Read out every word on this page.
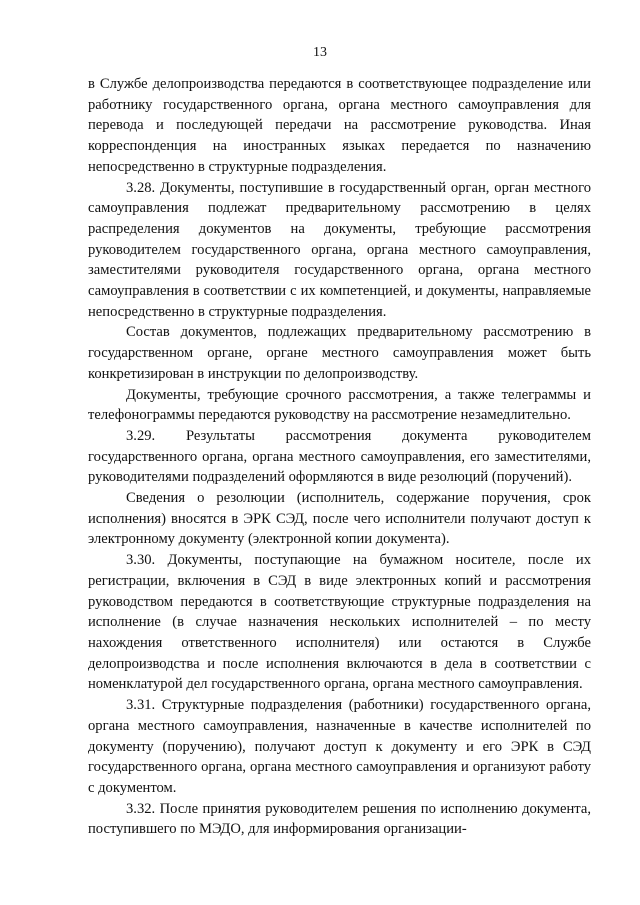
13

в Службе делопроизводства передаются в соответствующее подразделение или работнику государственного органа, органа местного самоуправления для перевода и последующей передачи на рассмотрение руководства. Иная корреспонденция на иностранных языках передается по назначению непосредственно в структурные подразделения.

3.28. Документы, поступившие в государственный орган, орган местного самоуправления подлежат предварительному рассмотрению в целях распределения документов на документы, требующие рассмотрения руководителем государственного органа, органа местного самоуправления, заместителями руководителя государственного органа, органа местного самоуправления в соответствии с их компетенцией, и документы, направляемые непосредственно в структурные подразделения.

Состав документов, подлежащих предварительному рассмотрению в государственном органе, органе местного самоуправления может быть конкретизирован в инструкции по делопроизводству.

Документы, требующие срочного рассмотрения, а также телеграммы и телефонограммы передаются руководству на рассмотрение незамедлительно.

3.29. Результаты рассмотрения документа руководителем государственного органа, органа местного самоуправления, его заместителями, руководителями подразделений оформляются в виде резолюций (поручений).

Сведения о резолюции (исполнитель, содержание поручения, срок исполнения) вносятся в ЭРК СЭД, после чего исполнители получают доступ к электронному документу (электронной копии документа).

3.30. Документы, поступающие на бумажном носителе, после их регистрации, включения в СЭД в виде электронных копий и рассмотрения руководством передаются в соответствующие структурные подразделения на исполнение (в случае назначения нескольких исполнителей – по месту нахождения ответственного исполнителя) или остаются в Службе делопроизводства и после исполнения включаются в дела в соответствии с номенклатурой дел государственного органа, органа местного самоуправления.

3.31. Структурные подразделения (работники) государственного органа, органа местного самоуправления, назначенные в качестве исполнителей по документу (поручению), получают доступ к документу и его ЭРК в СЭД государственного органа, органа местного самоуправления и организуют работу с документом.

3.32. После принятия руководителем решения по исполнению документа, поступившего по МЭДО, для информирования организации-
